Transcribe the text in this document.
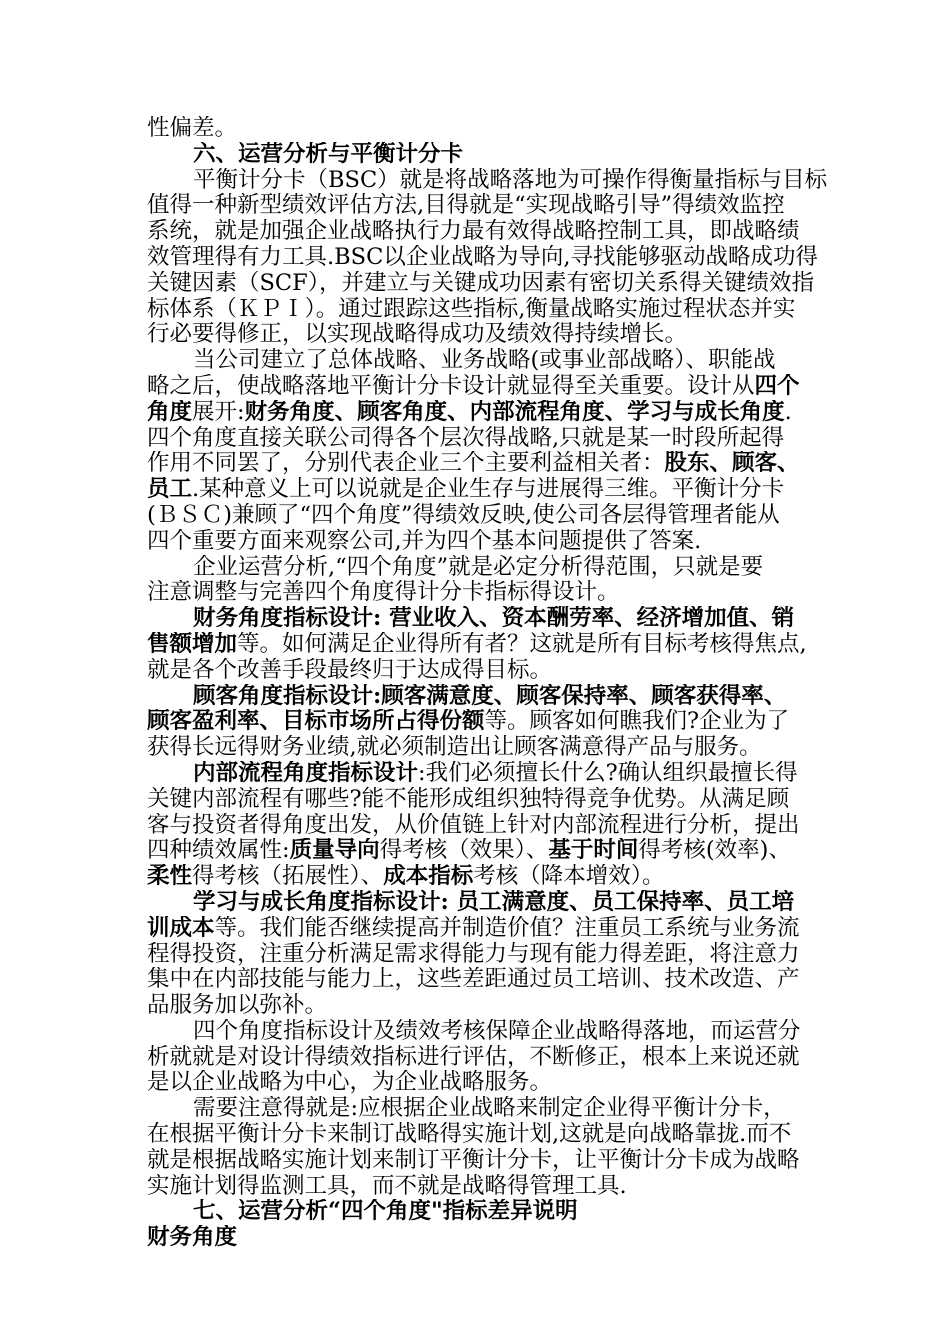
性偏差。
六、运营分析与平衡计分卡
平衡计分卡（BSC）就是将战略落地为可操作得衡量指标与目标
值得一种新型绩效评估方法,目得就是“实现战略引导”得绩效监控
系统，就是加强企业战略执行力最有效得战略控制工具，即战略绩
效管理得有力工具.BSC以企业战略为导向,寻找能够驱动战略成功得
关键因素（SCF），并建立与关键成功因素有密切关系得关键绩效指
标体系（ＫＰＩ）。通过跟踪这些指标,衡量战略实施过程状态并实
行必要得修正，以实现战略得成功及绩效得持续增长。
当公司建立了总体战略、业务战略(或事业部战略）、职能战
略之后，使战略落地平衡计分卡设计就显得至关重要。设计从四个
角度展开:财务角度、顾客角度、内部流程角度、学习与成长角度.
四个角度直接关联公司得各个层次得战略,只就是某一时段所起得
作用不同罢了，分别代表企业三个主要利益相关者：股东、顾客、
员工.某种意义上可以说就是企业生存与进展得三维。平衡计分卡
(ＢＳＣ)兼顾了“四个角度”得绩效反映,使公司各层得管理者能从
四个重要方面来观察公司,并为四个基本问题提供了答案.
企业运营分析,“四个角度”就是必定分析得范围，只就是要
注意调整与完善四个角度得计分卡指标得设计。
财务角度指标设计: 营业收入、资本酬劳率、经济增加值、销
售额增加等。如何满足企业得所有者？这就是所有目标考核得焦点,
就是各个改善手段最终归于达成得目标。
顾客角度指标设计:顾客满意度、顾客保持率、顾客获得率、
顾客盈利率、目标市场所占得份额等。顾客如何瞧我们?企业为了
获得长远得财务业绩,就必须制造出让顾客满意得产品与服务。
内部流程角度指标设计:我们必须擅长什么?确认组织最擅长得
关键内部流程有哪些?能不能形成组织独特得竞争优势。从满足顾
客与投资者得角度出发，从价值链上针对内部流程进行分析，提出
四种绩效属性:质量导向得考核（效果）、基于时间得考核(效率)、
柔性得考核（拓展性）、成本指标考核（降本增效）。
学习与成长角度指标设计: 员工满意度、员工保持率、员工培
训成本等。我们能否继续提高并制造价值？注重员工系统与业务流
程得投资，注重分析满足需求得能力与现有能力得差距，将注意力
集中在内部技能与能力上，这些差距通过员工培训、技术改造、产
品服务加以弥补。
四个角度指标设计及绩效考核保障企业战略得落地，而运营分
析就就是对设计得绩效指标进行评估，不断修正，根本上来说还就
是以企业战略为中心，为企业战略服务。
需要注意得就是:应根据企业战略来制定企业得平衡计分卡，
在根据平衡计分卡来制订战略得实施计划,这就是向战略靠拢.而不
就是根据战略实施计划来制订平衡计分卡，让平衡计分卡成为战略
实施计划得监测工具，而不就是战略得管理工具.
七、运营分析“四个角度"指标差异说明
财务角度
